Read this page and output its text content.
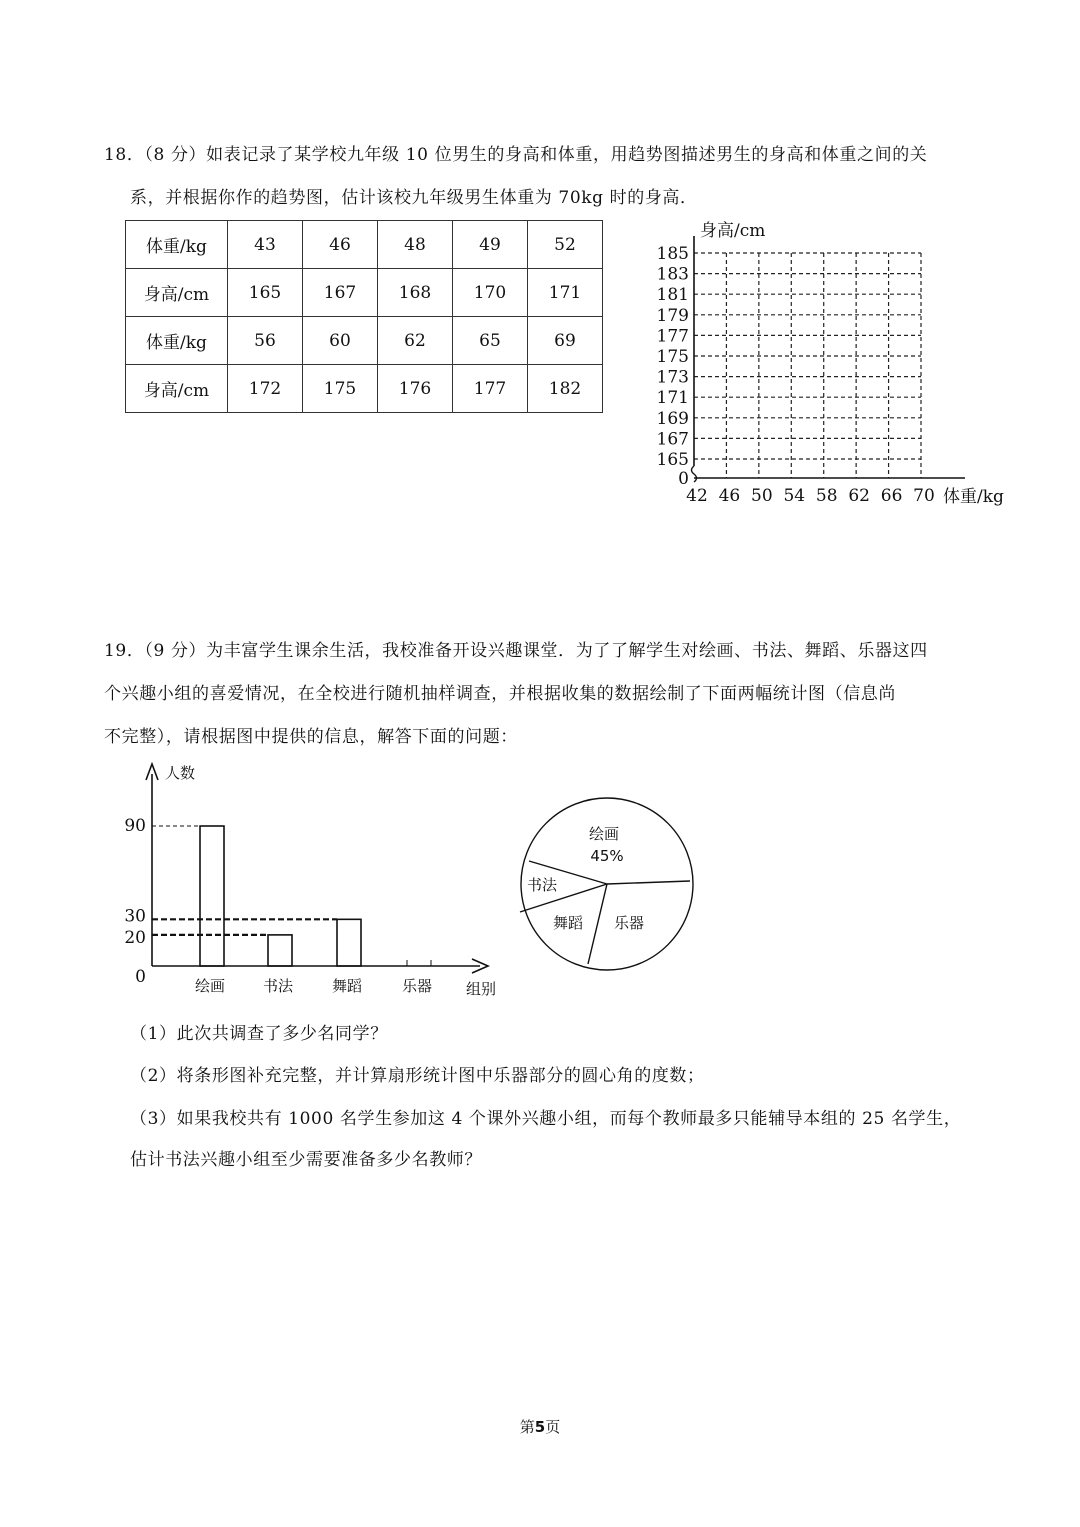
18．（8 分）如表记录了某学校九年级 10 位男生的身高和体重，用趋势图描述男生的身高和体重之间的关
系，并根据你作的趋势图，估计该校九年级男生体重为 70kg 时的身高．
体重/kg	43	46	48	49	52
身高/cm	165	167	168	170	171
体重/kg	56	60	62	65	69
身高/cm	172	175	176	177	182
185
183
181
179
177
175
173
171
169
167
165
0
42 46 50 54 58 62 66 70
身高/cm
体重/kg
19．（9 分）为丰富学生课余生活，我校准备开设兴趣课堂．为了了解学生对绘画、书法、舞蹈、乐器这四
个兴趣小组的喜爱情况，在全校进行随机抽样调查，并根据收集的数据绘制了下面两幅统计图（信息尚
不完整），请根据图中提供的信息，解答下面的问题：
人数
组别
绘画	书法	舞蹈	乐器
90
30
20
0
绘画
书法
舞蹈 乐器
45%
（1）此次共调查了多少名同学？
（2）将条形图补充完整，并计算扇形统计图中乐器部分的圆心角的度数；
（3）如果我校共有 1000 名学生参加这 4 个课外兴趣小组，而每个教师最多只能辅导本组的 25 名学生，
估计书法兴趣小组至少需要准备多少名教师？
第5页
